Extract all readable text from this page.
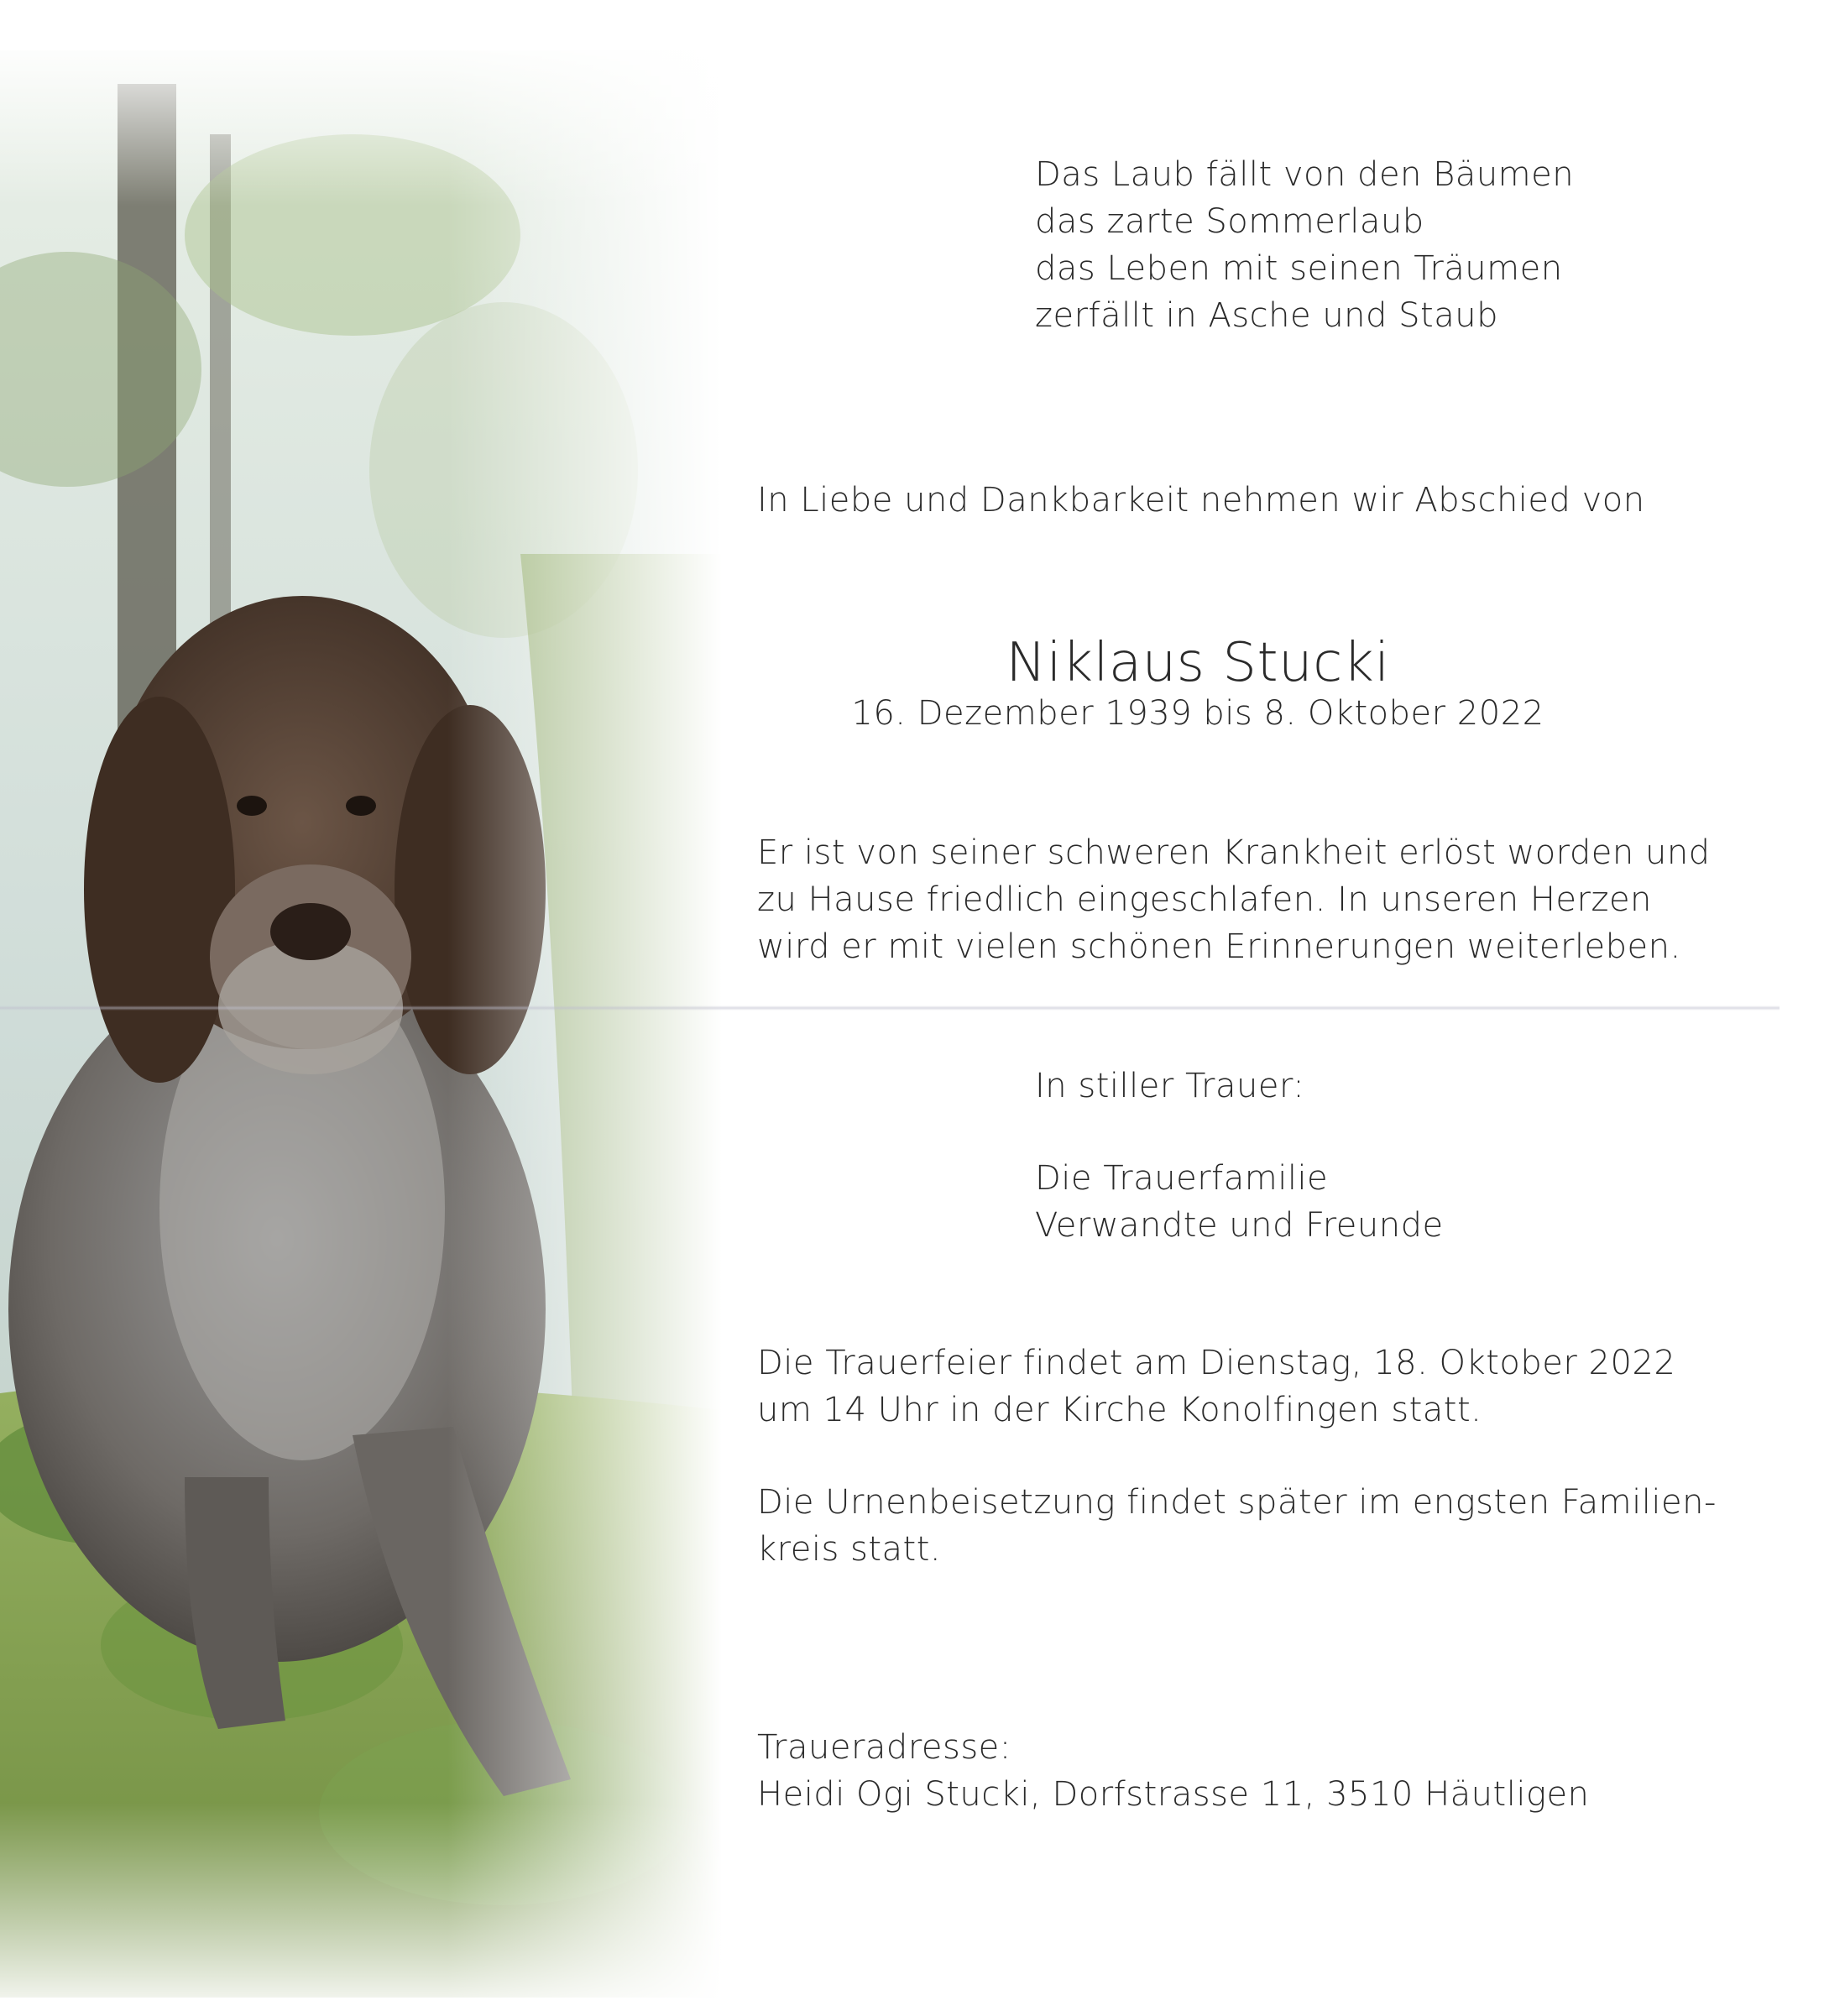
Das Laub fällt von den Bäumen
das zarte Sommerlaub
das Leben mit seinen Träumen
zerfällt in Asche und Staub
In Liebe und Dankbarkeit nehmen wir Abschied von
Niklaus Stucki
16. Dezember 1939 bis 8. Oktober 2022
Er ist von seiner schweren Krankheit erlöst worden und
zu Hause friedlich eingeschlafen. In unseren Herzen
wird er mit vielen schönen Erinnerungen weiterleben.
In stiller Trauer:
Die Trauerfamilie
Verwandte und Freunde
Die Trauerfeier findet am Dienstag, 18. Oktober 2022
um 14 Uhr in der Kirche Konolfingen statt.
Die Urnenbeisetzung findet später im engsten Familien-
kreis statt.
Traueradresse:
Heidi Ogi Stucki, Dorfstrasse 11, 3510 Häutligen
